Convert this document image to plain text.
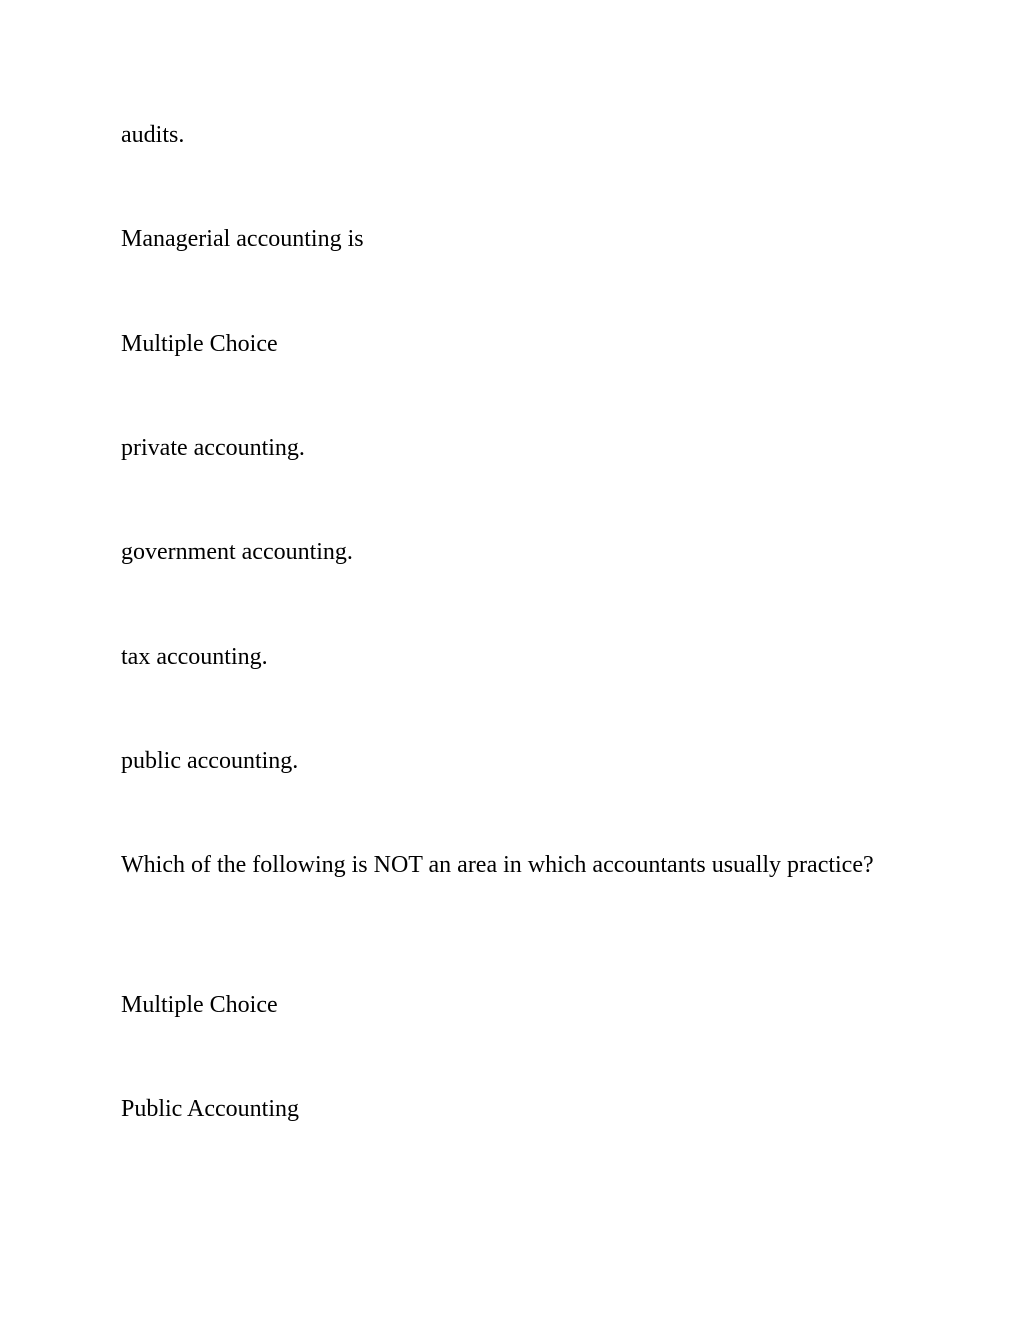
audits.

Managerial accounting is

Multiple Choice

private accounting.

government accounting.

tax accounting.

public accounting.

Which of the following is NOT an area in which accountants usually practice?

Multiple Choice

Public Accounting
